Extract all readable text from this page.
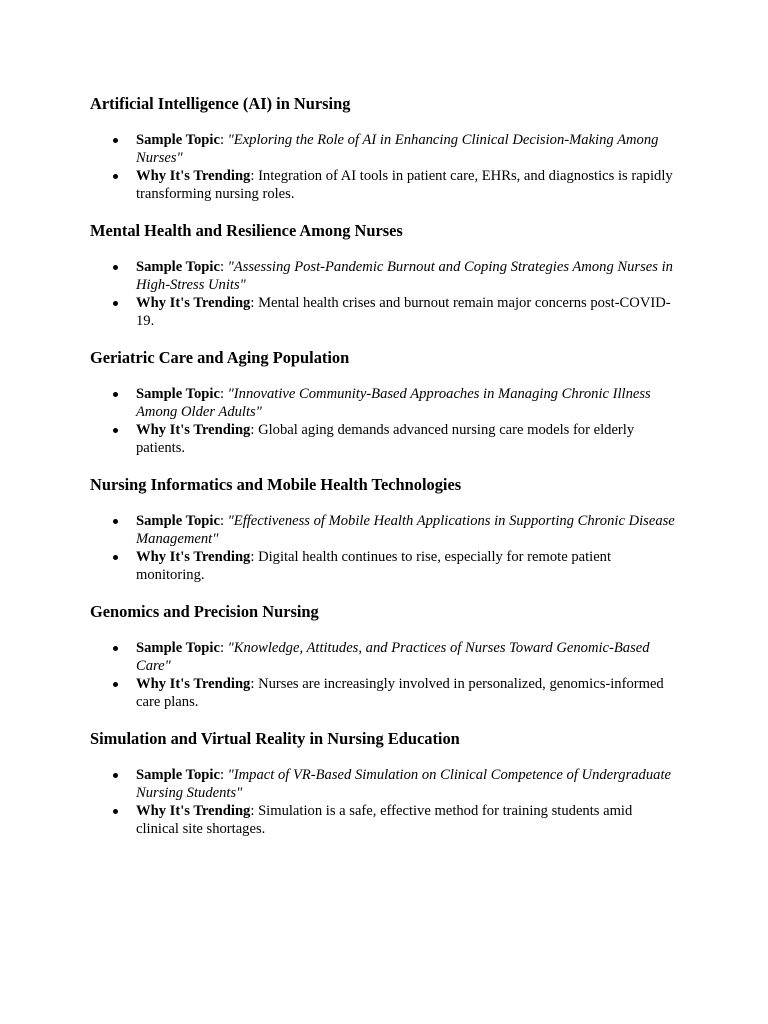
Artificial Intelligence (AI) in Nursing
Sample Topic: "Exploring the Role of AI in Enhancing Clinical Decision-Making Among Nurses"
Why It's Trending: Integration of AI tools in patient care, EHRs, and diagnostics is rapidly transforming nursing roles.
Mental Health and Resilience Among Nurses
Sample Topic: "Assessing Post-Pandemic Burnout and Coping Strategies Among Nurses in High-Stress Units"
Why It's Trending: Mental health crises and burnout remain major concerns post-COVID-19.
Geriatric Care and Aging Population
Sample Topic: "Innovative Community-Based Approaches in Managing Chronic Illness Among Older Adults"
Why It's Trending: Global aging demands advanced nursing care models for elderly patients.
Nursing Informatics and Mobile Health Technologies
Sample Topic: "Effectiveness of Mobile Health Applications in Supporting Chronic Disease Management"
Why It's Trending: Digital health continues to rise, especially for remote patient monitoring.
Genomics and Precision Nursing
Sample Topic: "Knowledge, Attitudes, and Practices of Nurses Toward Genomic-Based Care"
Why It's Trending: Nurses are increasingly involved in personalized, genomics-informed care plans.
Simulation and Virtual Reality in Nursing Education
Sample Topic: "Impact of VR-Based Simulation on Clinical Competence of Undergraduate Nursing Students"
Why It's Trending: Simulation is a safe, effective method for training students amid clinical site shortages.
